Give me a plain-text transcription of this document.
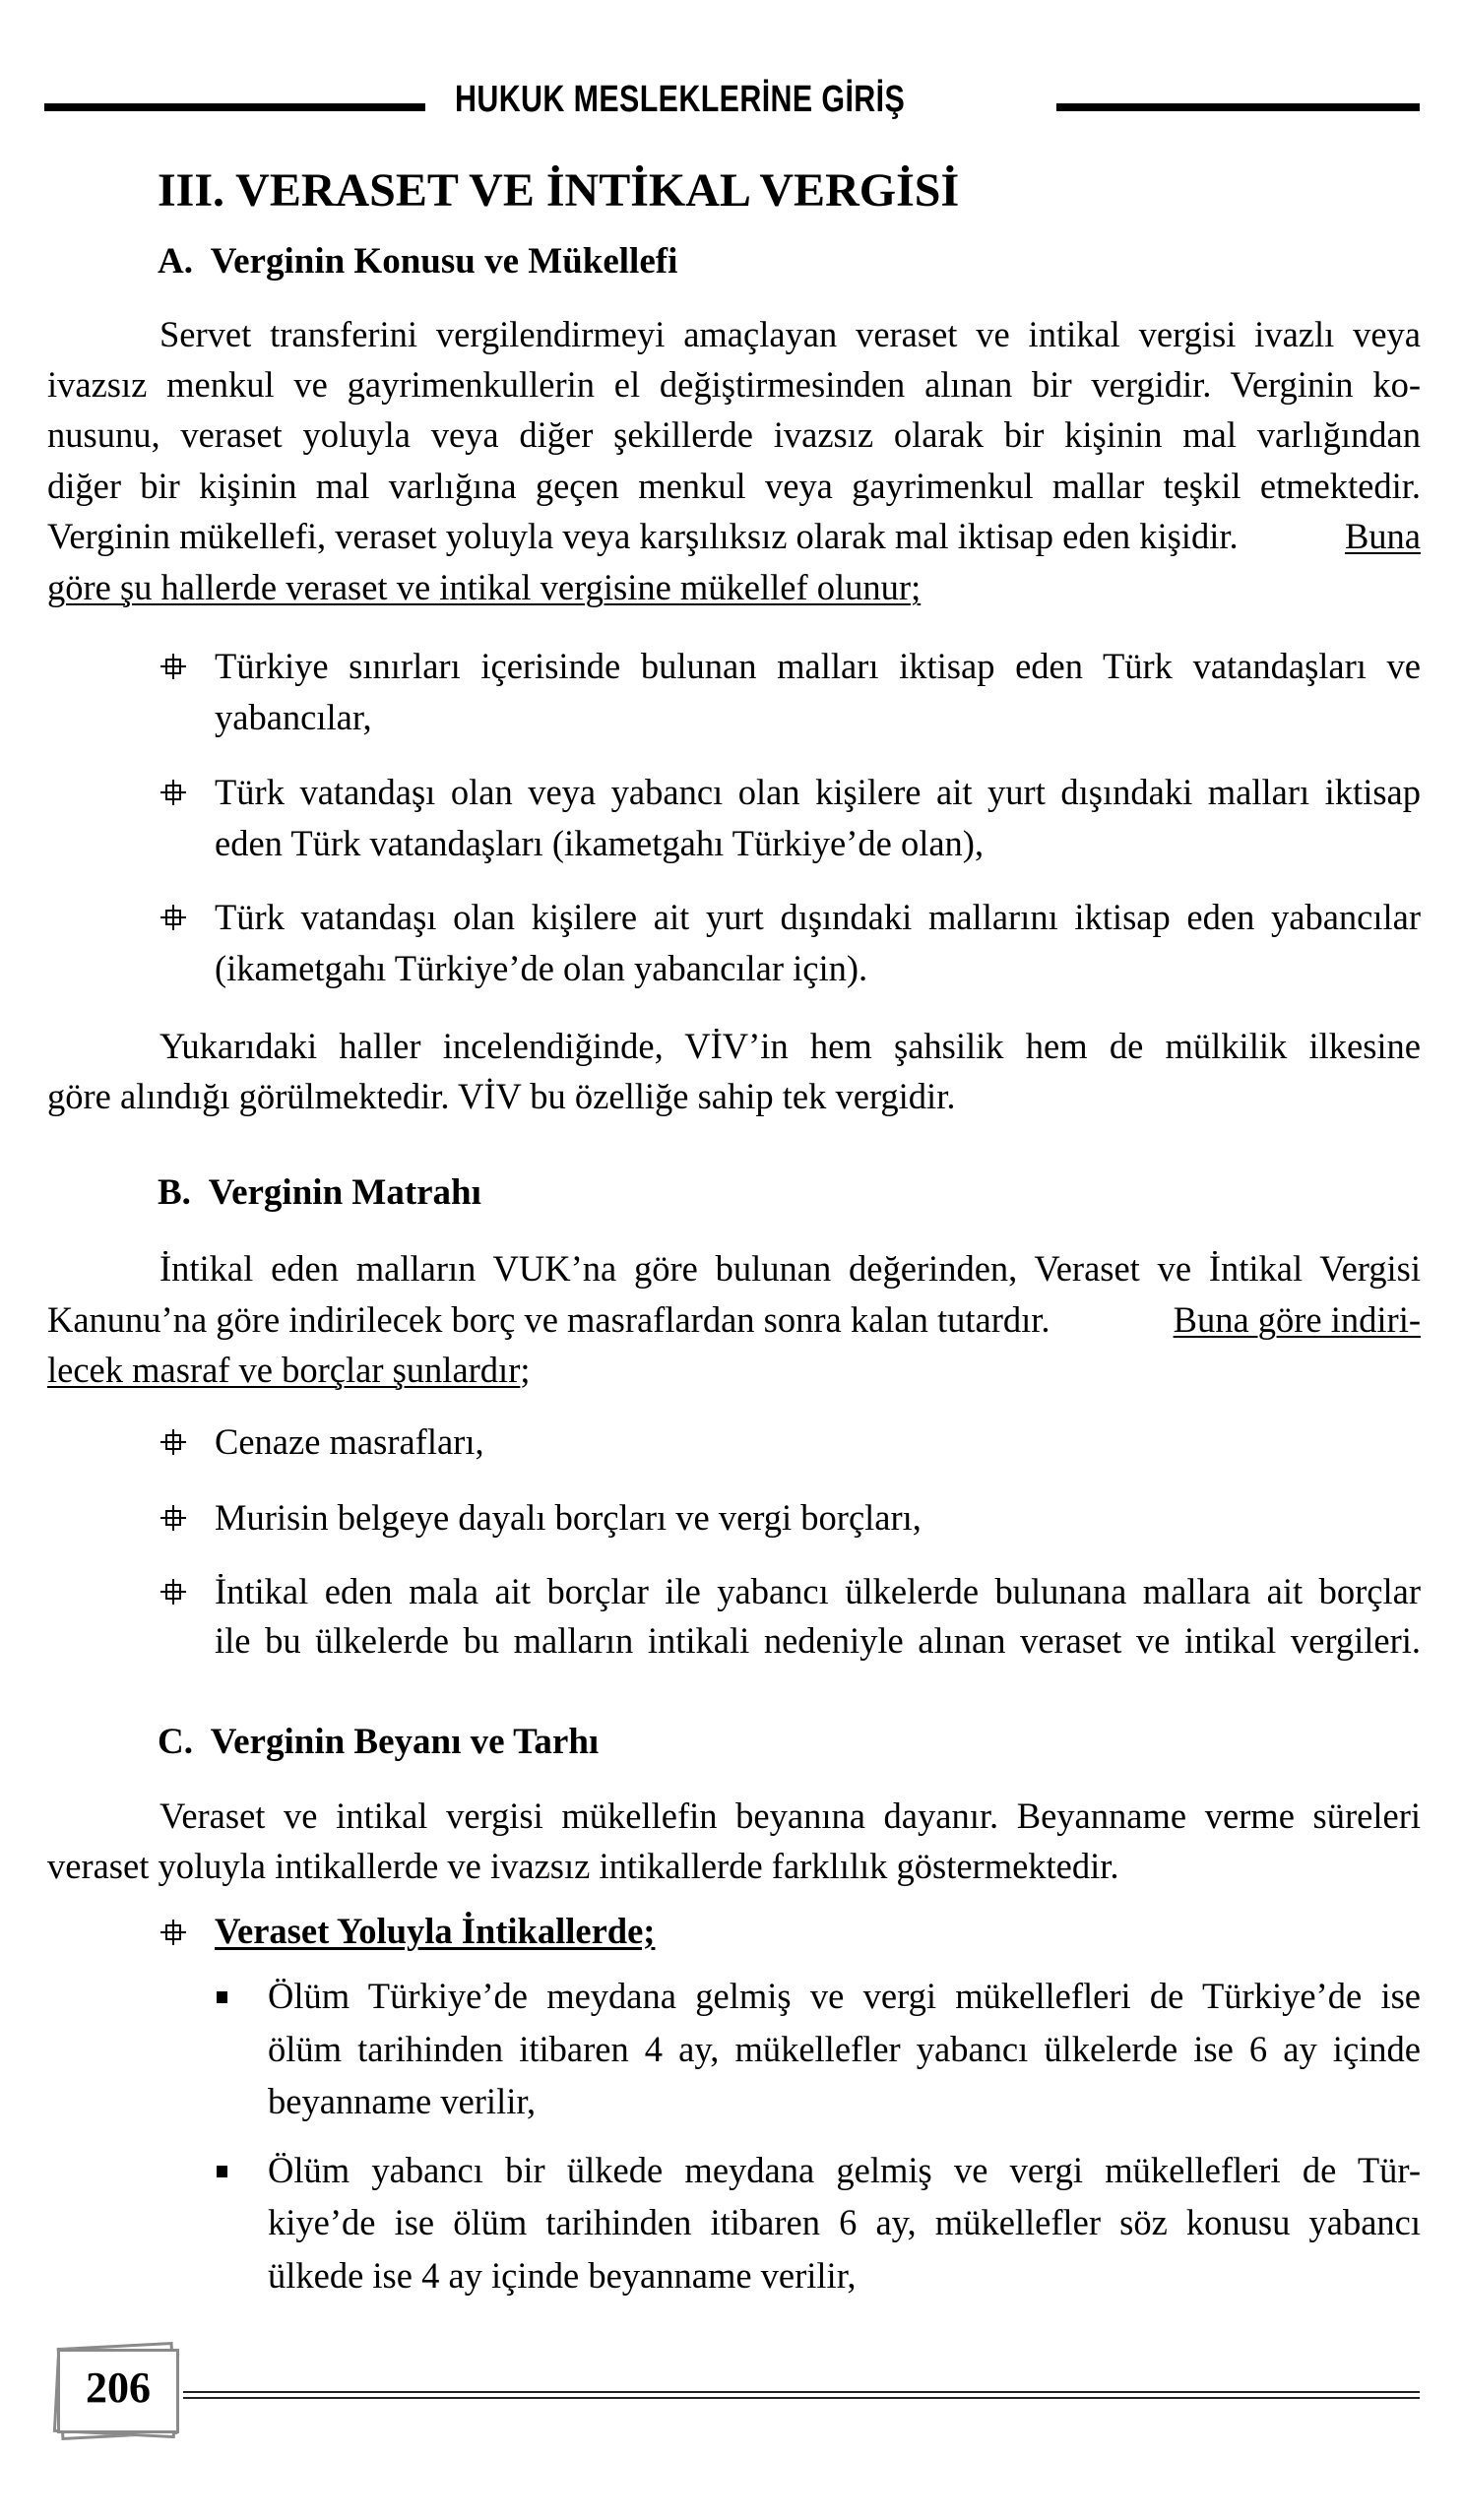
HUKUK MESLEKLERİNE GİRİŞ
III. VERASET VE İNTİKAL VERGİSİ
A.  Verginin Konusu ve Mükellefi
Servet transferini vergilendirmeyi amaçlayan veraset ve intikal vergisi ivazlı veya
ivazsız menkul ve gayrimenkullerin el değiştirmesinden alınan bir vergidir. Verginin ko-
nusunu, veraset yoluyla veya diğer şekillerde ivazsız olarak bir kişinin mal varlığından
diğer bir kişinin mal varlığına geçen menkul veya gayrimenkul mallar teşkil etmektedir.
Verginin mükellefi, veraset yoluyla veya karşılıksız olarak mal iktisap eden kişidir. Buna
göre şu hallerde veraset ve intikal vergisine mükellef olunur;
Türkiye sınırları içerisinde bulunan malları iktisap eden Türk vatandaşları ve
yabancılar,
Türk vatandaşı olan veya yabancı olan kişilere ait yurt dışındaki malları iktisap
eden Türk vatandaşları (ikametgahı Türkiye’de olan),
Türk vatandaşı olan kişilere ait yurt dışındaki mallarını iktisap eden yabancılar
(ikametgahı Türkiye’de olan yabancılar için).
Yukarıdaki haller incelendiğinde, VİV’in hem şahsilik hem de mülkilik ilkesine
göre alındığı görülmektedir. VİV bu özelliğe sahip tek vergidir.
B.  Verginin Matrahı
İntikal eden malların VUK’na göre bulunan değerinden, Veraset ve İntikal Vergisi
Kanunu’na göre indirilecek borç ve masraflardan sonra kalan tutardır.	Buna göre indiri-
lecek masraf ve borçlar şunlardır;
Cenaze masrafları,
Murisin belgeye dayalı borçları ve vergi borçları,
İntikal eden mala ait borçlar ile yabancı ülkelerde bulunana mallara ait borçlar
ile bu ülkelerde bu malların intikali nedeniyle alınan veraset ve intikal vergileri.
C.  Verginin Beyanı ve Tarhı
Veraset ve intikal vergisi mükellefin beyanına dayanır. Beyanname verme süreleri
veraset yoluyla intikallerde ve ivazsız intikallerde farklılık göstermektedir.
Veraset Yoluyla İntikallerde;
Ölüm Türkiye’de meydana gelmiş ve vergi mükellefleri de Türkiye’de ise
ölüm tarihinden itibaren 4 ay, mükellefler yabancı ülkelerde ise 6 ay içinde
beyanname verilir,
Ölüm yabancı bir ülkede meydana gelmiş ve vergi mükellefleri de Tür-
kiye’de ise ölüm tarihinden itibaren 6 ay, mükellefler söz konusu yabancı
ülkede ise 4 ay içinde beyanname verilir,
206
